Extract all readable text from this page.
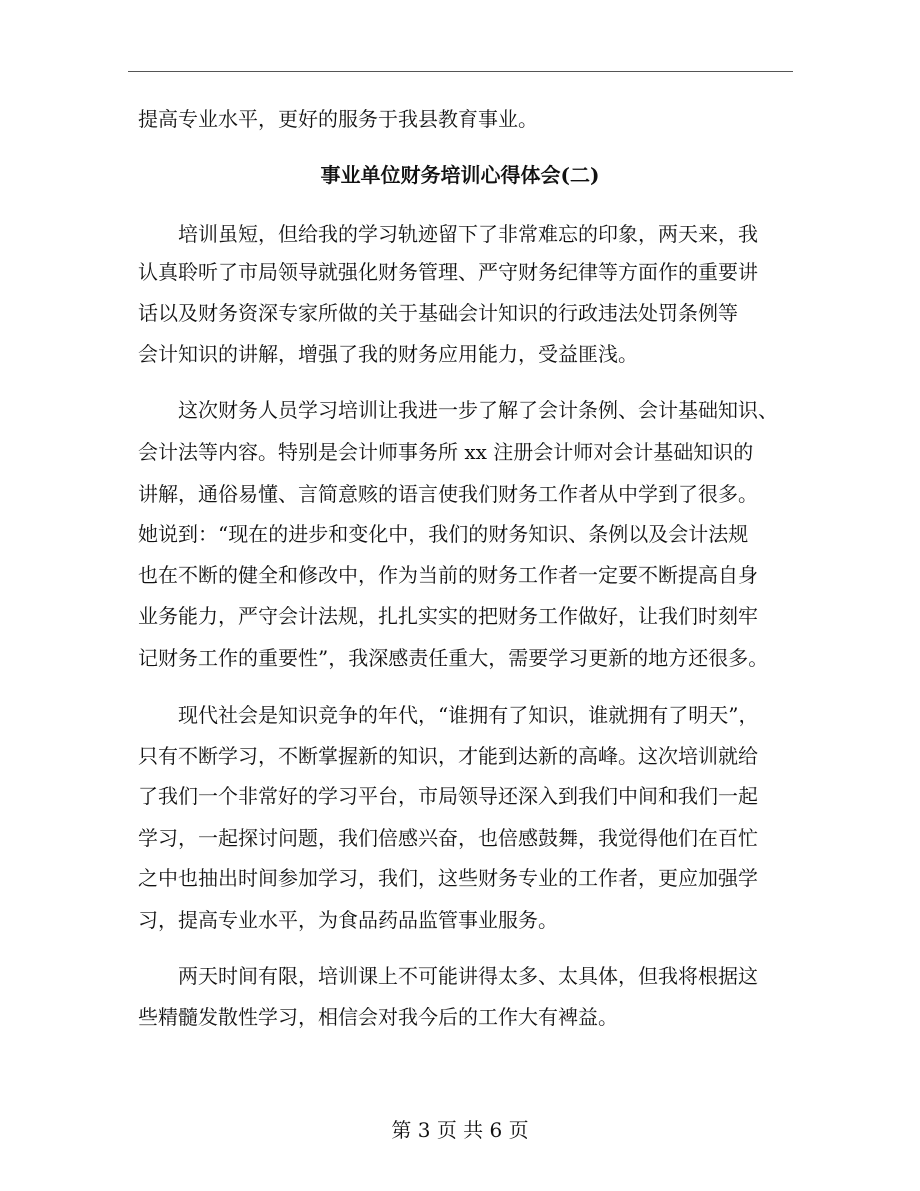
提高专业水平，更好的服务于我县教育事业。
事业单位财务培训心得体会(二)
培训虽短，但给我的学习轨迹留下了非常难忘的印象，两天来，我
认真聆听了市局领导就强化财务管理、严守财务纪律等方面作的重要讲
话以及财务资深专家所做的关于基础会计知识的行政违法处罚条例等
会计知识的讲解，增强了我的财务应用能力，受益匪浅。
这次财务人员学习培训让我进一步了解了会计条例、会计基础知识、
会计法等内容。特别是会计师事务所 xx 注册会计师对会计基础知识的
讲解，通俗易懂、言简意赅的语言使我们财务工作者从中学到了很多。
她说到：“现在的进步和变化中，我们的财务知识、条例以及会计法规
也在不断的健全和修改中，作为当前的财务工作者一定要不断提高自身
业务能力，严守会计法规，扎扎实实的把财务工作做好，让我们时刻牢
记财务工作的重要性”，我深感责任重大，需要学习更新的地方还很多。
现代社会是知识竞争的年代，“谁拥有了知识，谁就拥有了明天”，
只有不断学习，不断掌握新的知识，才能到达新的高峰。这次培训就给
了我们一个非常好的学习平台，市局领导还深入到我们中间和我们一起
学习，一起探讨问题，我们倍感兴奋，也倍感鼓舞，我觉得他们在百忙
之中也抽出时间参加学习，我们，这些财务专业的工作者，更应加强学
习，提高专业水平，为食品药品监管事业服务。
两天时间有限，培训课上不可能讲得太多、太具体，但我将根据这
些精髓发散性学习，相信会对我今后的工作大有裨益。
第 3 页 共 6 页
